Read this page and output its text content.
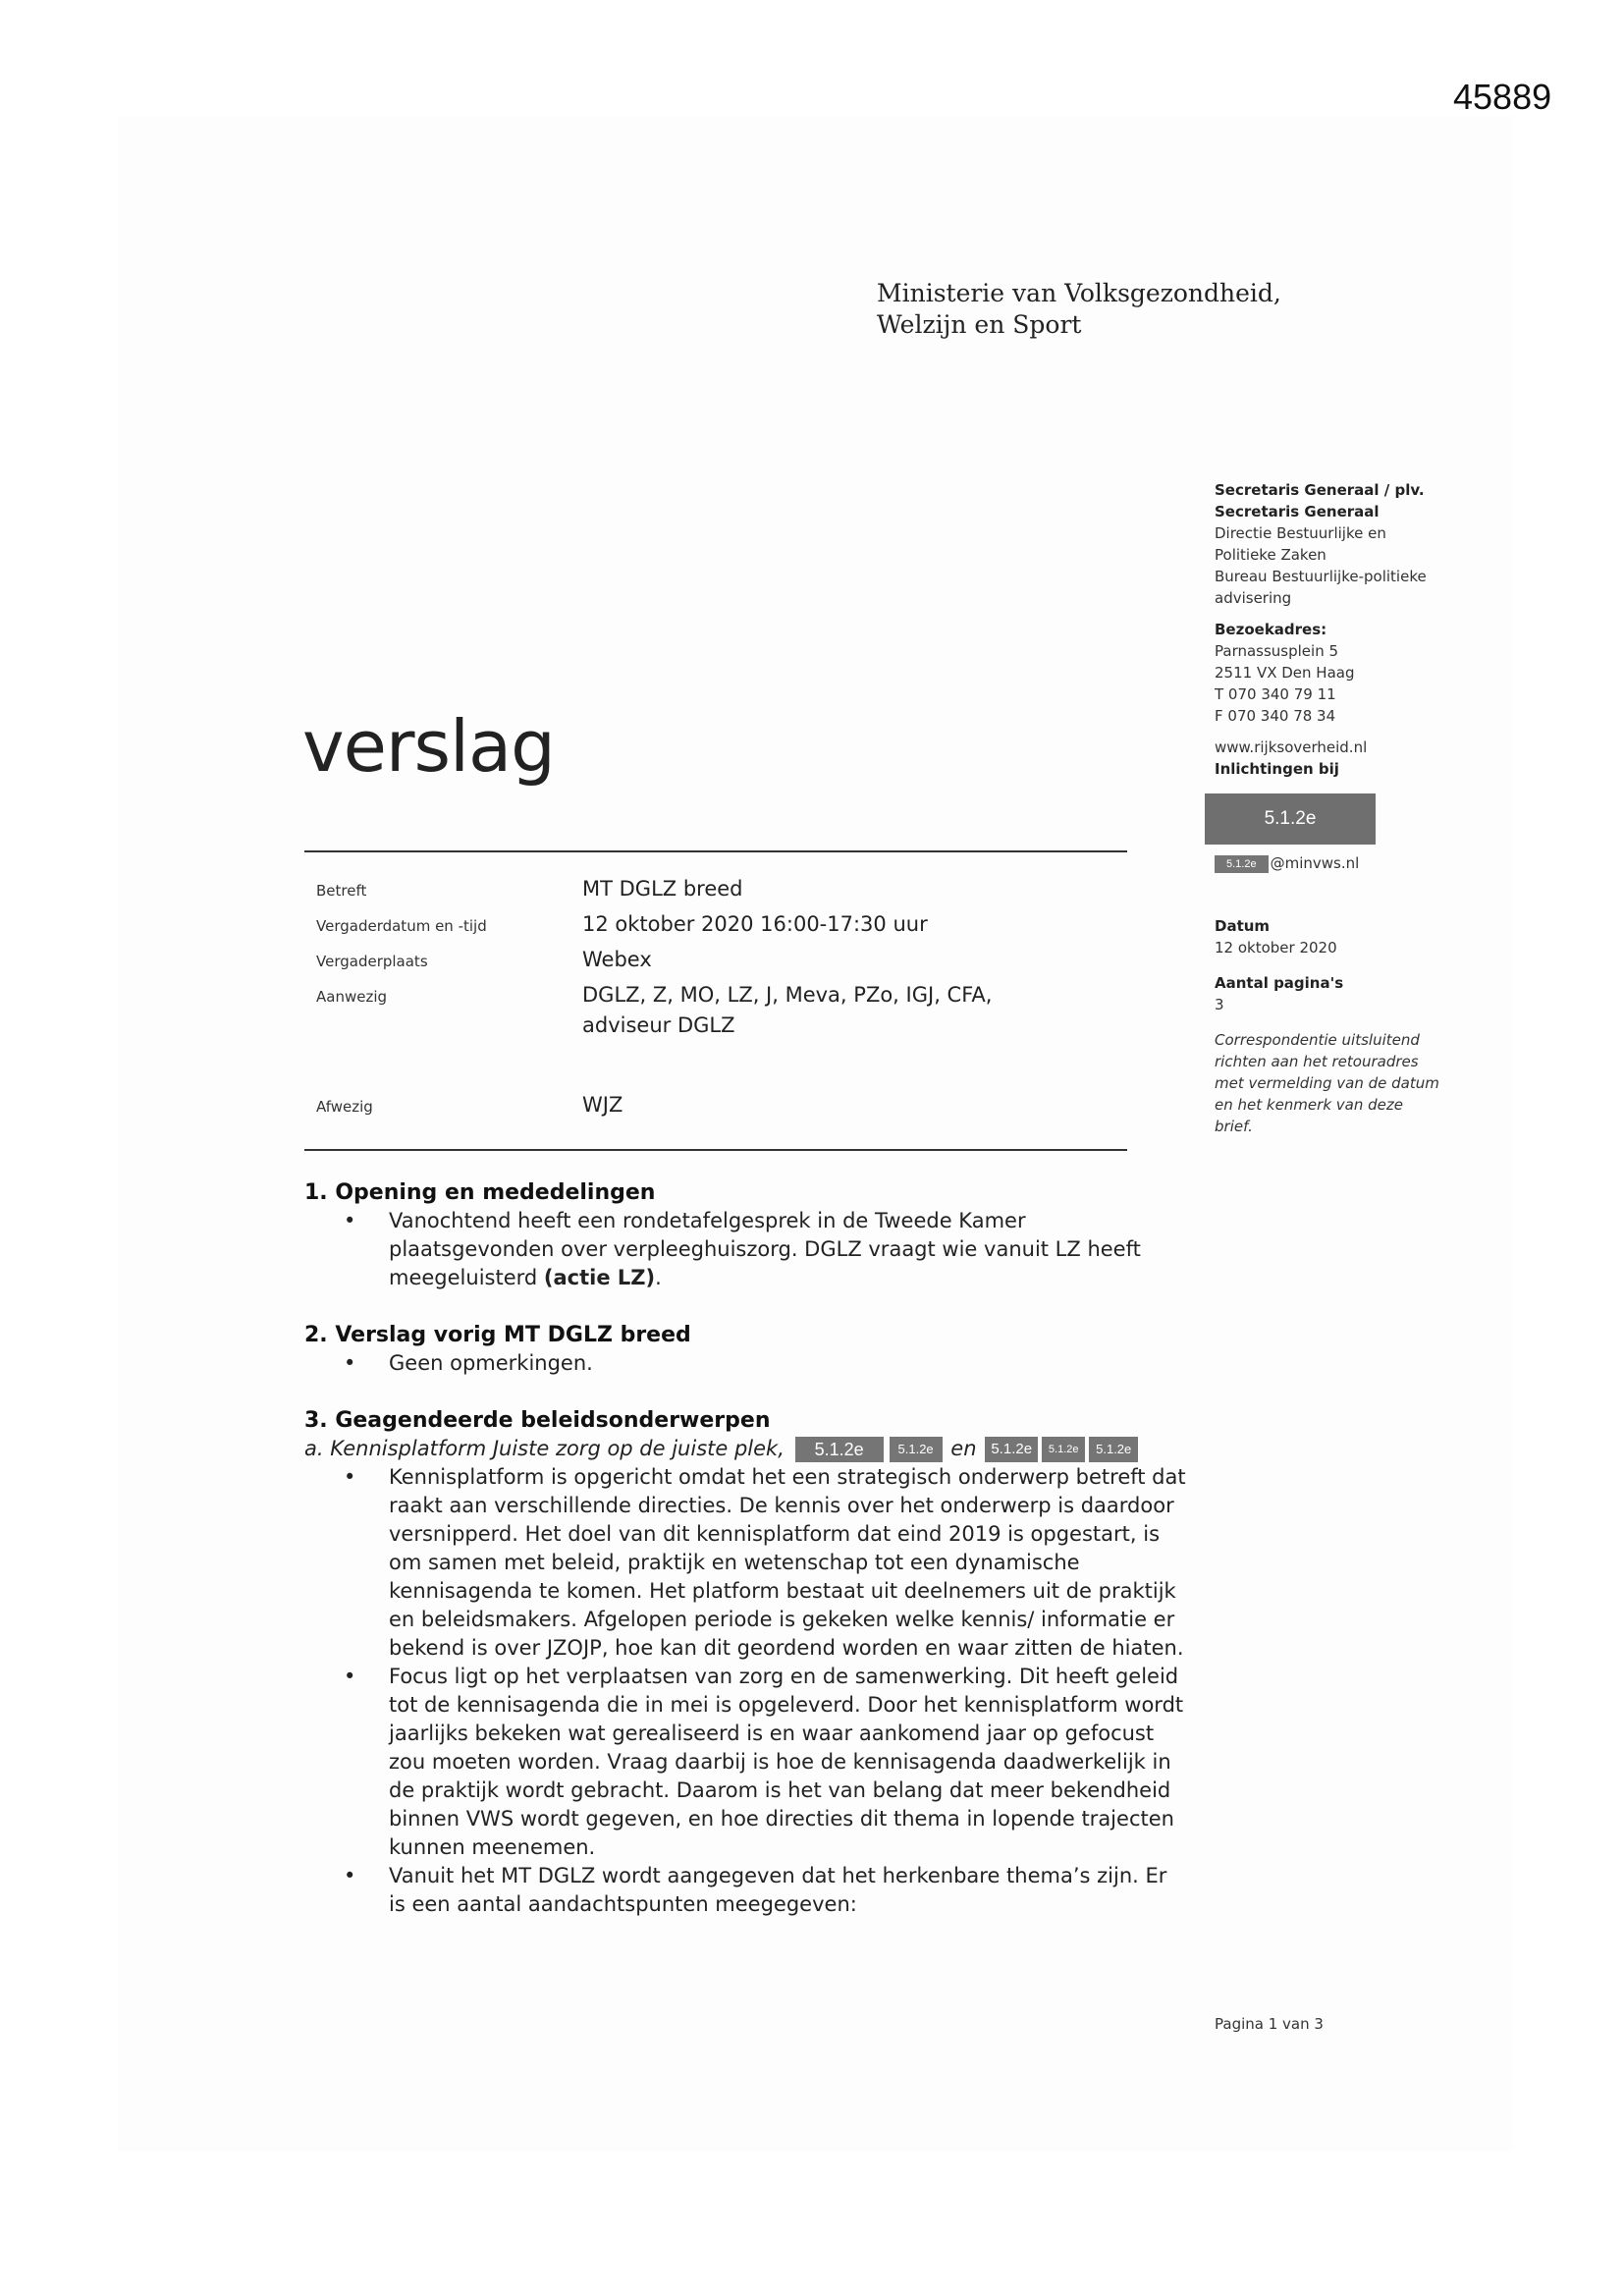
45889
Ministerie van Volksgezondheid,
Welzijn en Sport
verslag
Secretaris Generaal / plv.
Secretaris Generaal
Directie Bestuurlijke en
Politieke Zaken
Bureau Bestuurlijke-politieke
advisering
Bezoekadres:
Parnassusplein 5
2511 VX Den Haag
T 070 340 79 11
F 070 340 78 34
www.rijksoverheid.nl
Inlichtingen bij
5.1.2e
5.1.2e @minvws.nl
Datum
12 oktober 2020
Aantal pagina's
3
Correspondentie uitsluitend
richten aan het retouradres
met vermelding van de datum
en het kenmerk van deze
brief.
Betreft	MT DGLZ breed
Vergaderdatum en -tijd	12 oktober 2020 16:00-17:30 uur
Vergaderplaats	Webex
Aanwezig	DGLZ, Z, MO, LZ, J, Meva, PZo, IGJ, CFA,
adviseur DGLZ
Afwezig	WJZ
1. Opening en mededelingen
• Vanochtend heeft een rondetafelgesprek in de Tweede Kamer plaatsgevonden over verpleeghuiszorg. DGLZ vraagt wie vanuit LZ heeft meegeluisterd (actie LZ).
2. Verslag vorig MT DGLZ breed
• Geen opmerkingen.
3. Geagendeerde beleidsonderwerpen
a. Kennisplatform Juiste zorg op de juiste plek, 5.1.2e	5.1.2e en 5.1.2e 5.1.2e 5.1.2e
• Kennisplatform is opgericht omdat het een strategisch onderwerp betreft dat raakt aan verschillende directies. De kennis over het onderwerp is daardoor versnipperd. Het doel van dit kennisplatform dat eind 2019 is opgestart, is om samen met beleid, praktijk en wetenschap tot een dynamische kennisagenda te komen. Het platform bestaat uit deelnemers uit de praktijk en beleidsmakers. Afgelopen periode is gekeken welke kennis/ informatie er bekend is over JZOJP, hoe kan dit geordend worden en waar zitten de hiaten.
• Focus ligt op het verplaatsen van zorg en de samenwerking. Dit heeft geleid tot de kennisagenda die in mei is opgeleverd. Door het kennisplatform wordt jaarlijks bekeken wat gerealiseerd is en waar aankomend jaar op gefocust zou moeten worden. Vraag daarbij is hoe de kennisagenda daadwerkelijk in de praktijk wordt gebracht. Daarom is het van belang dat meer bekendheid binnen VWS wordt gegeven, en hoe directies dit thema in lopende trajecten kunnen meenemen.
• Vanuit het MT DGLZ wordt aangegeven dat het herkenbare thema’s zijn. Er is een aantal aandachtspunten meegegeven:
Pagina 1 van 3
